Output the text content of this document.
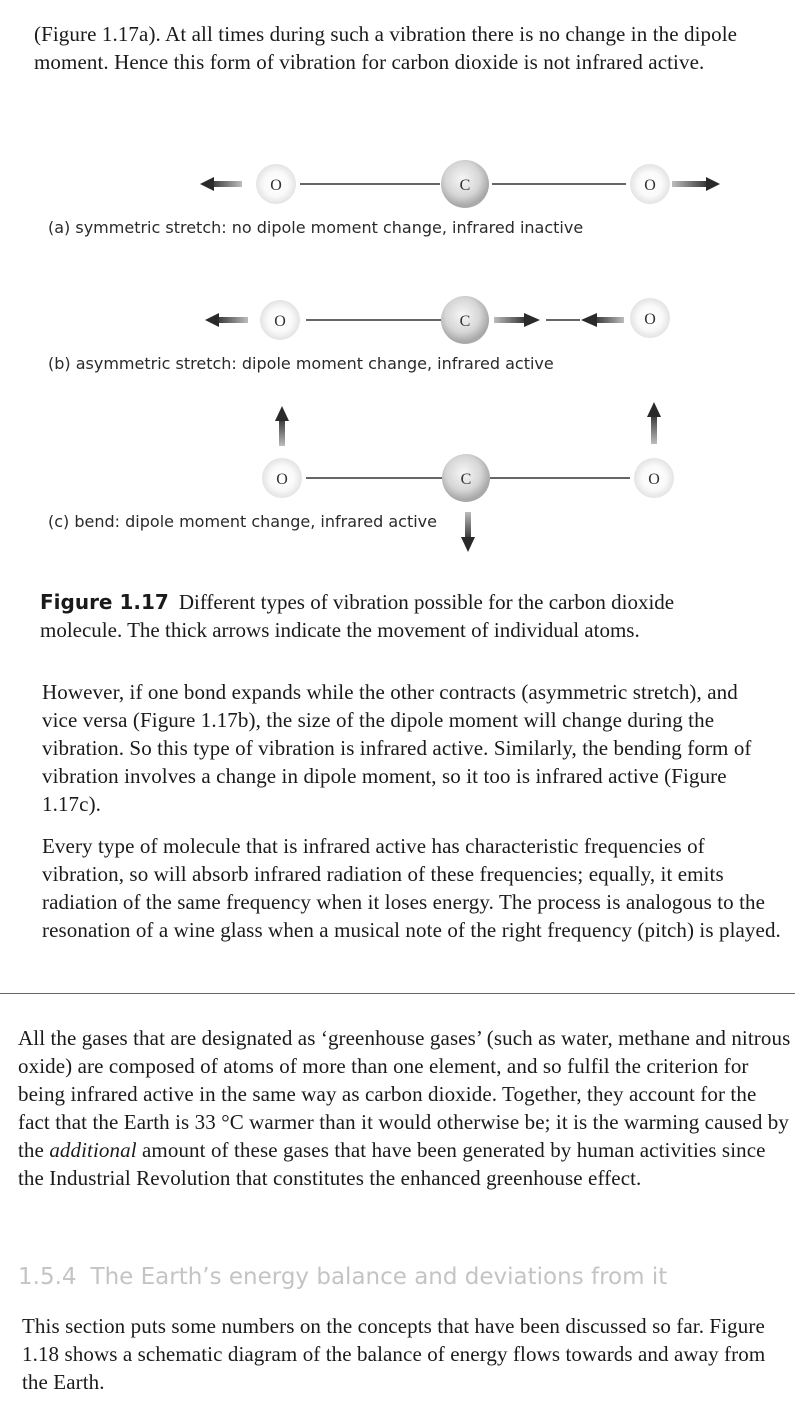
(Figure 1.17a). At all times during such a vibration there is no change in the dipole moment. Hence this form of vibration for carbon dioxide is not infrared active.

O	C	O
O	C	O
O	C	O
(a) symmetric stretch: no dipole moment change, infrared inactive
(b) asymmetric stretch: dipole moment change, infrared active
(c) bend: dipole moment change, infrared active

Figure 1.17 Different types of vibration possible for the carbon dioxide molecule. The thick arrows indicate the movement of individual atoms.

However, if one bond expands while the other contracts (asymmetric stretch), and vice versa (Figure 1.17b), the size of the dipole moment will change during the vibration. So this type of vibration is infrared active. Similarly, the bending form of vibration involves a change in dipole moment, so it too is infrared active (Figure 1.17c).

Every type of molecule that is infrared active has characteristic frequencies of vibration, so will absorb infrared radiation of these frequencies; equally, it emits radiation of the same frequency when it loses energy. The process is analogous to the resonation of a wine glass when a musical note of the right frequency (pitch) is played.

All the gases that are designated as ‘greenhouse gases’ (such as water, methane and nitrous oxide) are composed of atoms of more than one element, and so fulfil the criterion for being infrared active in the same way as carbon dioxide. Together, they account for the fact that the Earth is 33 °C warmer than it would otherwise be; it is the warming caused by the additional amount of these gases that have been generated by human activities since the Industrial Revolution that constitutes the enhanced greenhouse effect.

1.5.4 The Earth’s energy balance and deviations from it

This section puts some numbers on the concepts that have been discussed so far. Figure 1.18 shows a schematic diagram of the balance of energy flows towards and away from the Earth.
